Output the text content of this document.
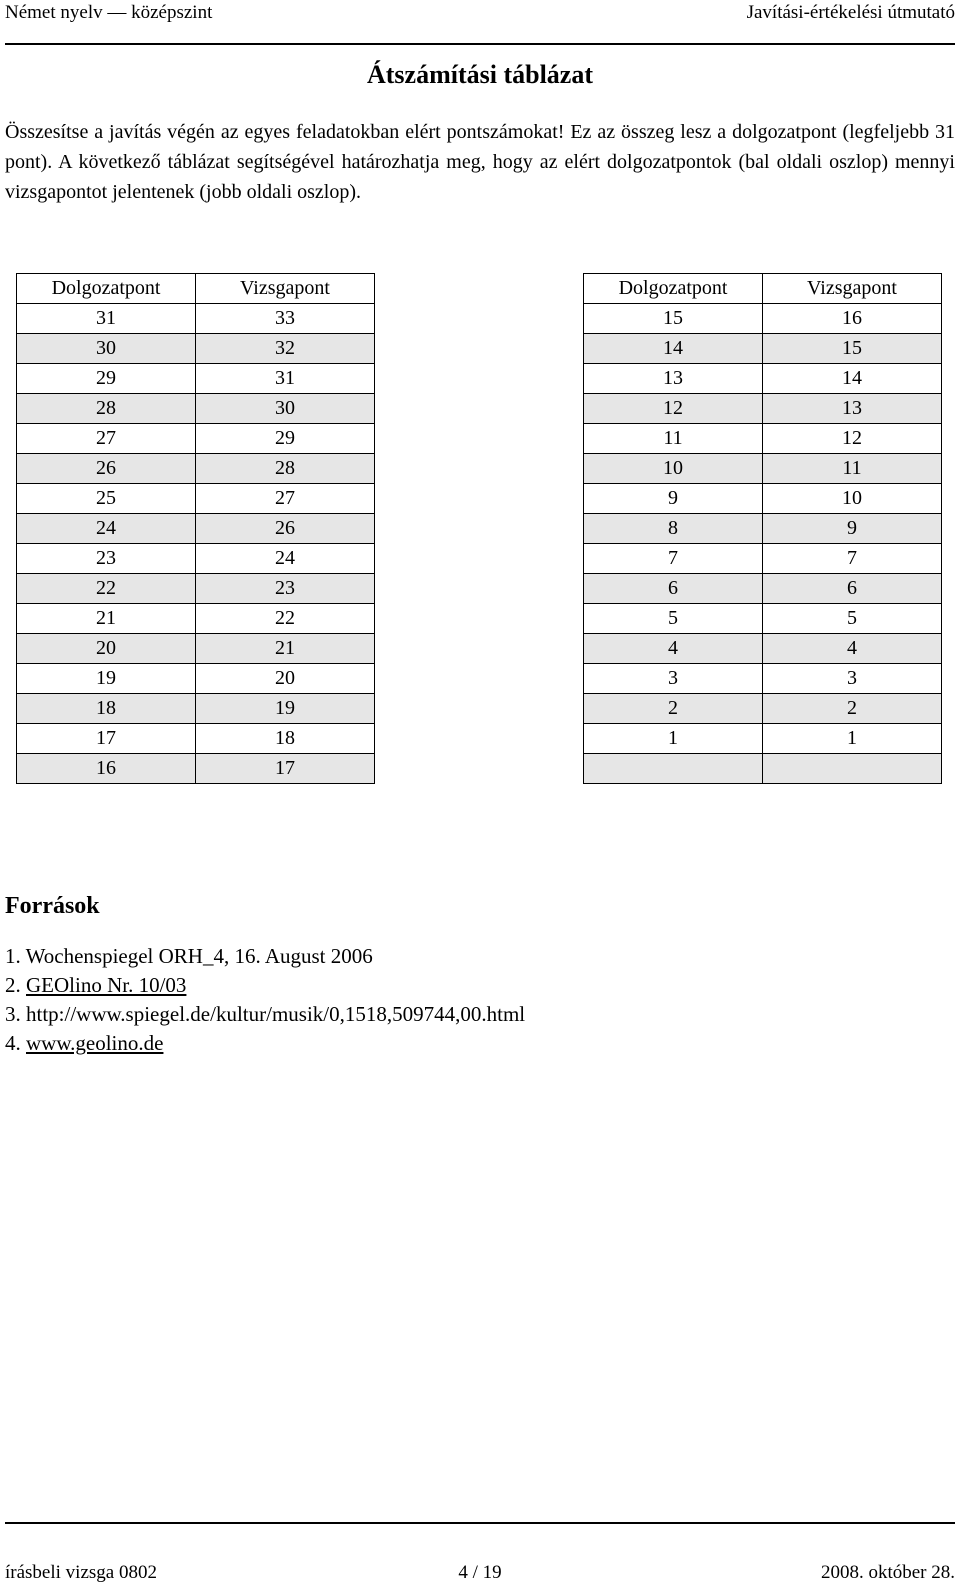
Német nyelv — középszint	Javítási-értékelési útmutató
Átszámítási táblázat

Összesítse a javítás végén az egyes feladatokban elért pontszámokat! Ez az összeg lesz a dolgozatpont (legfeljebb 31 pont). A következő táblázat segítségével határozhatja meg, hogy az elért dolgozatpontok (bal oldali oszlop) mennyi vizsgapontot jelentenek (jobb oldali oszlop).

Dolgozatpont	Vizsgapont
31	33
30	32
29	31
28	30
27	29
26	28
25	27
24	26
23	24
22	23
21	22
20	21
19	20
18	19
17	18
16	17
Dolgozatpont	Vizsgapont
15	16
14	15
13	14
12	13
11	12
10	11
9	10
8	9
7	7
6	6
5	5
4	4
3	3
2	2
1	1

Források
1. Wochenspiegel ORH_4, 16. August 2006
2. GEOlino Nr. 10/03
3. http://www.spiegel.de/kultur/musik/0,1518,509744,00.html
4. www.geolino.de
írásbeli vizsga 0802	4 / 19	2008. október 28.
